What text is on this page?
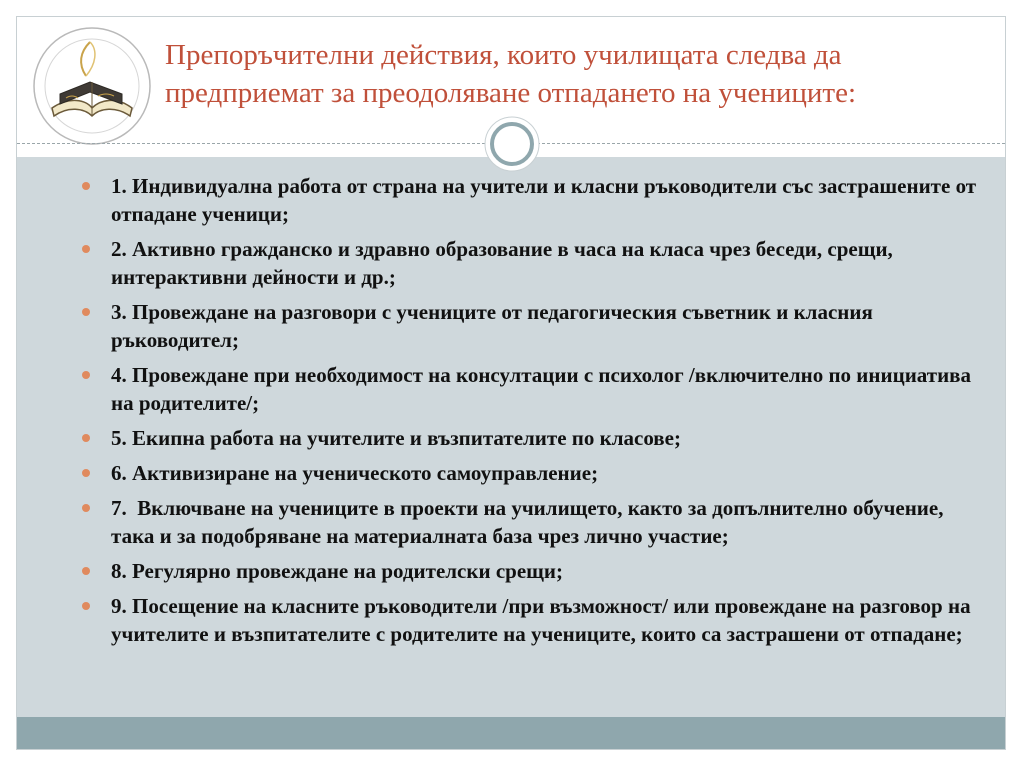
Препоръчителни действия, които училищата следва да предприемат за преодоляване отпадането на учениците:
1. Индивидуална работа от страна на учители и класни ръководители със застрашените от отпадане ученици;
2. Активно гражданско и здравно образование в часа на класа чрез беседи, срещи, интерактивни дейности и др.;
3. Провеждане на разговори с учениците от педагогическия съветник и класния ръководител;
4. Провеждане при необходимост на консултации с психолог /включително по инициатива на родителите/;
5. Екипна работа на учителите и възпитателите по класове;
6. Активизиране на ученическото самоуправление;
7.  Включване на учениците в проекти на училището, както за допълнително обучение, така и за подобряване на материалната база чрез лично участие;
8. Регулярно провеждане на родителски срещи;
9. Посещение на класните ръководители /при възможност/ или провеждане на разговор на учителите и възпитателите с родителите на учениците, които са застрашени от отпадане;
